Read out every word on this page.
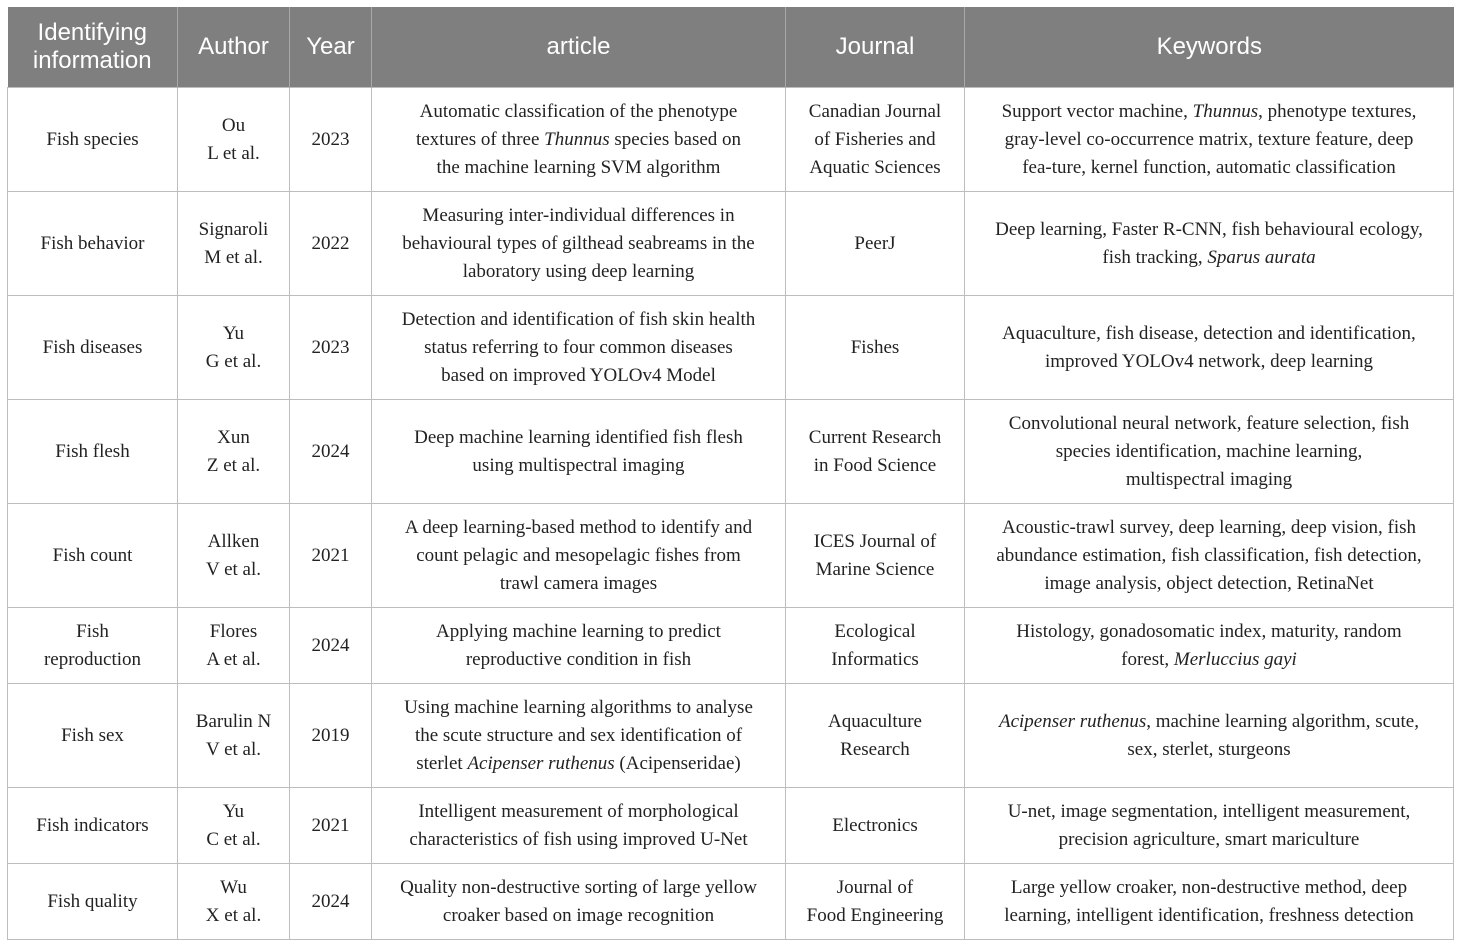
Identifying
information	Author	Year	article	Journal	Keywords
Fish species	Ou
L et al.	2023	Automatic classification of the phenotype
textures of three Thunnus species based on
the machine learning SVM algorithm	Canadian Journal
of Fisheries and
Aquatic Sciences	Support vector machine, Thunnus, phenotype textures,
gray-level co-occurrence matrix, texture feature, deep
fea-ture, kernel function, automatic classification

Fish behavior	Signaroli
M et al.	2022	Measuring inter-individual differences in
behavioural types of gilthead seabreams in the
laboratory using deep learning	PeerJ	Deep learning, Faster R-CNN, fish behavioural ecology,
fish tracking, Sparus aurata

Fish diseases	Yu
G et al.	2023	Detection and identification of fish skin health
status referring to four common diseases
based on improved YOLOv4 Model	Fishes	Aquaculture, fish disease, detection and identification,
improved YOLOv4 network, deep learning

Fish flesh	Xun
Z et al.	2024	Deep machine learning identified fish flesh
using multispectral imaging	Current Research
in Food Science	Convolutional neural network, feature selection, fish
species identification, machine learning,
multispectral imaging

Fish count	Allken
V et al.	2021	A deep learning-based method to identify and
count pelagic and mesopelagic fishes from
trawl camera images	ICES Journal of
Marine Science	Acoustic-trawl survey, deep learning, deep vision, fish
abundance estimation, fish classification, fish detection,
image analysis, object detection, RetinaNet

Fish
reproduction	Flores
A et al.	2024	Applying machine learning to predict
reproductive condition in fish	Ecological
Informatics	Histology, gonadosomatic index, maturity, random
forest, Merluccius gayi

Fish sex	Barulin N
V et al.	2019	Using machine learning algorithms to analyse
the scute structure and sex identification of
sterlet Acipenser ruthenus (Acipenseridae)	Aquaculture
Research	Acipenser ruthenus, machine learning algorithm, scute,
sex, sterlet, sturgeons

Fish indicators	Yu
C et al.	2021	Intelligent measurement of morphological
characteristics of fish using improved U-Net	Electronics	U-net, image segmentation, intelligent measurement,
precision agriculture, smart mariculture

Fish quality	Wu
X et al.	2024	Quality non-destructive sorting of large yellow
croaker based on image recognition	Journal of
Food Engineering	Large yellow croaker, non-destructive method, deep
learning, intelligent identification, freshness detection
